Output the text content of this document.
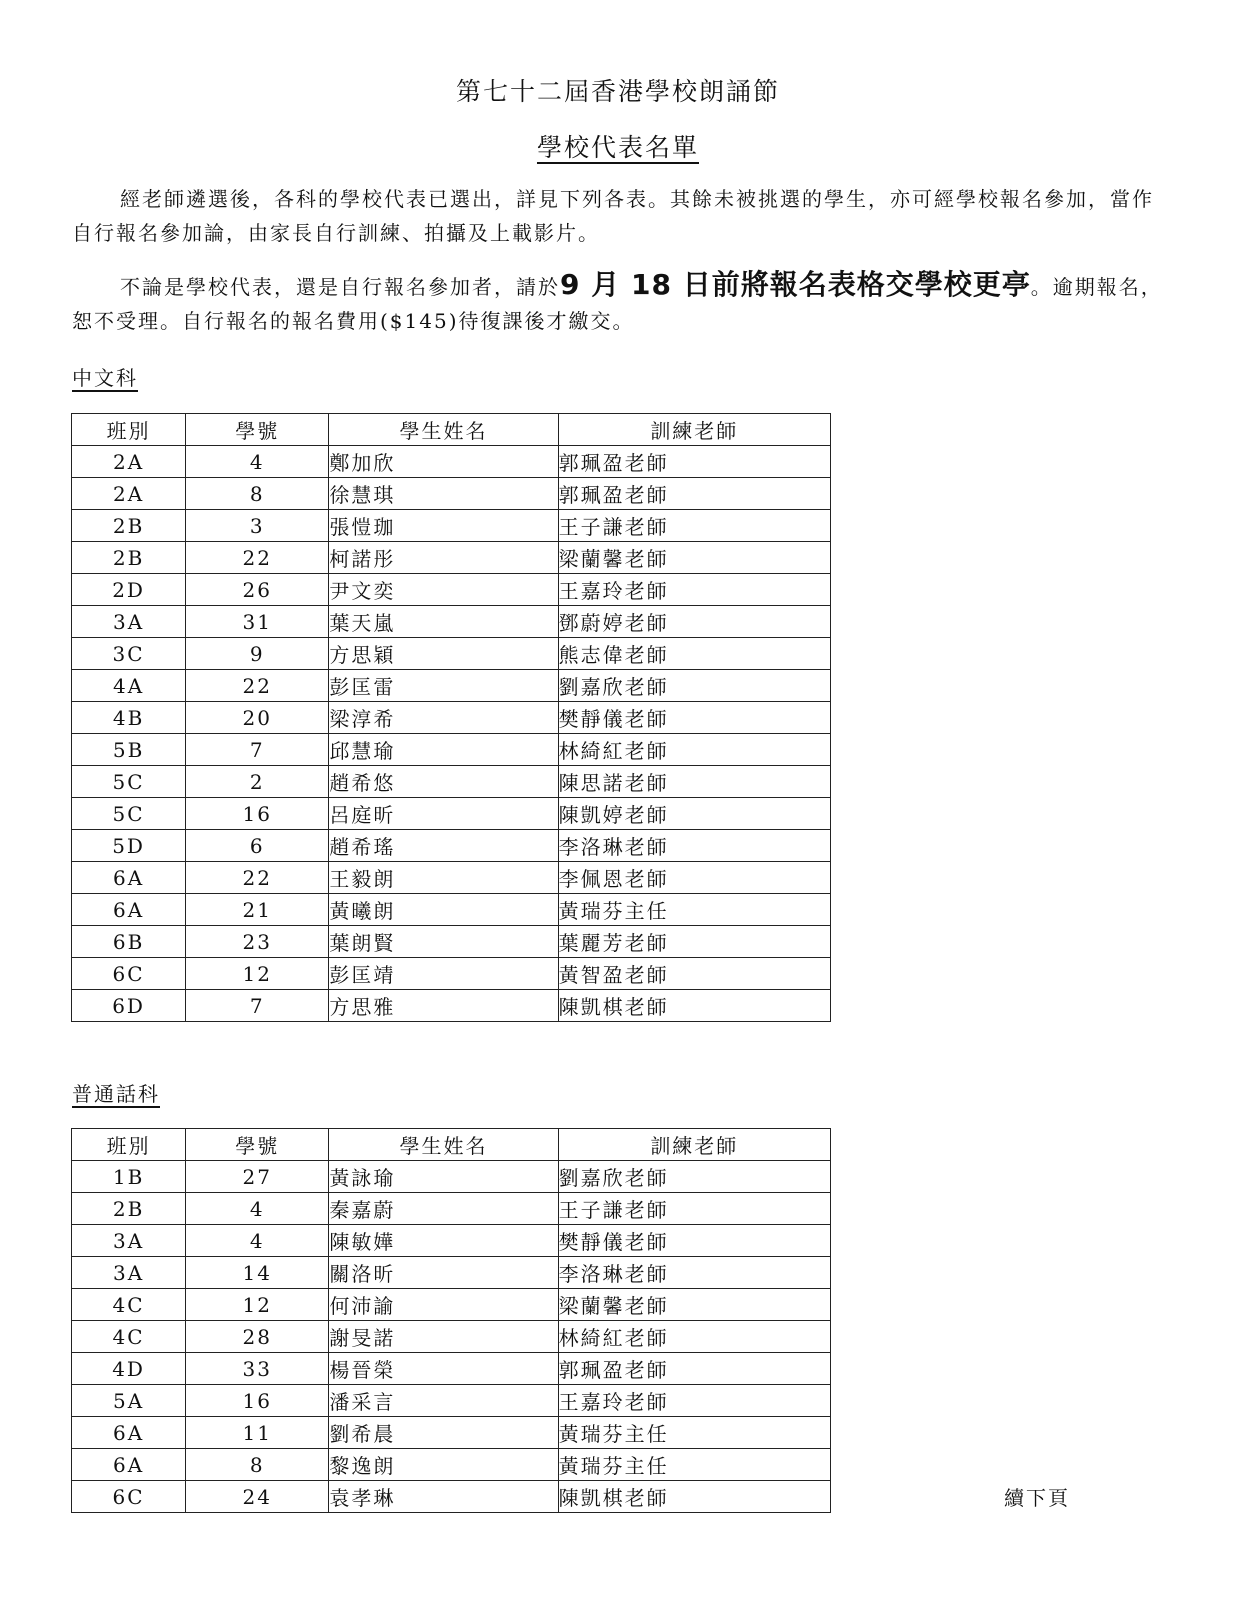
第七十二屆香港學校朗誦節
學校代表名單
經老師遴選後，各科的學校代表已選出，詳見下列各表。其餘未被挑選的學生，亦可經學校報名參加，當作自行報名參加論，由家長自行訓練、拍攝及上載影片。
不論是學校代表，還是自行報名參加者，請於9 月 18 日前將報名表格交學校更亭。逾期報名，恕不受理。自行報名的報名費用($145)待復課後才繳交。
中文科
班別	學號	學生姓名	訓練老師
2A	4	鄭加欣	郭珮盈老師
2A	8	徐慧琪	郭珮盈老師
2B	3	張愷珈	王子謙老師
2B	22	柯諾彤	梁蘭馨老師
2D	26	尹文奕	王嘉玲老師
3A	31	葉天嵐	鄧蔚婷老師
3C	9	方思穎	熊志偉老師
4A	22	彭匡雷	劉嘉欣老師
4B	20	梁淳希	樊靜儀老師
5B	7	邱慧瑜	林綺紅老師
5C	2	趙希悠	陳思諾老師
5C	16	呂庭昕	陳凱婷老師
5D	6	趙希瑤	李洛琳老師
6A	22	王毅朗	李佩恩老師
6A	21	黃曦朗	黃瑞芬主任
6B	23	葉朗賢	葉麗芳老師
6C	12	彭匡靖	黃智盈老師
6D	7	方思雅	陳凱棋老師
普通話科
班別	學號	學生姓名	訓練老師
1B	27	黃詠瑜	劉嘉欣老師
2B	4	秦嘉蔚	王子謙老師
3A	4	陳敏嬅	樊靜儀老師
3A	14	關洛昕	李洛琳老師
4C	12	何沛諭	梁蘭馨老師
4C	28	謝旻諾	林綺紅老師
4D	33	楊晉榮	郭珮盈老師
5A	16	潘采言	王嘉玲老師
6A	11	劉希晨	黃瑞芬主任
6A	8	黎逸朗	黃瑞芬主任
6C	24	袁孝琳	陳凱棋老師	續下頁
